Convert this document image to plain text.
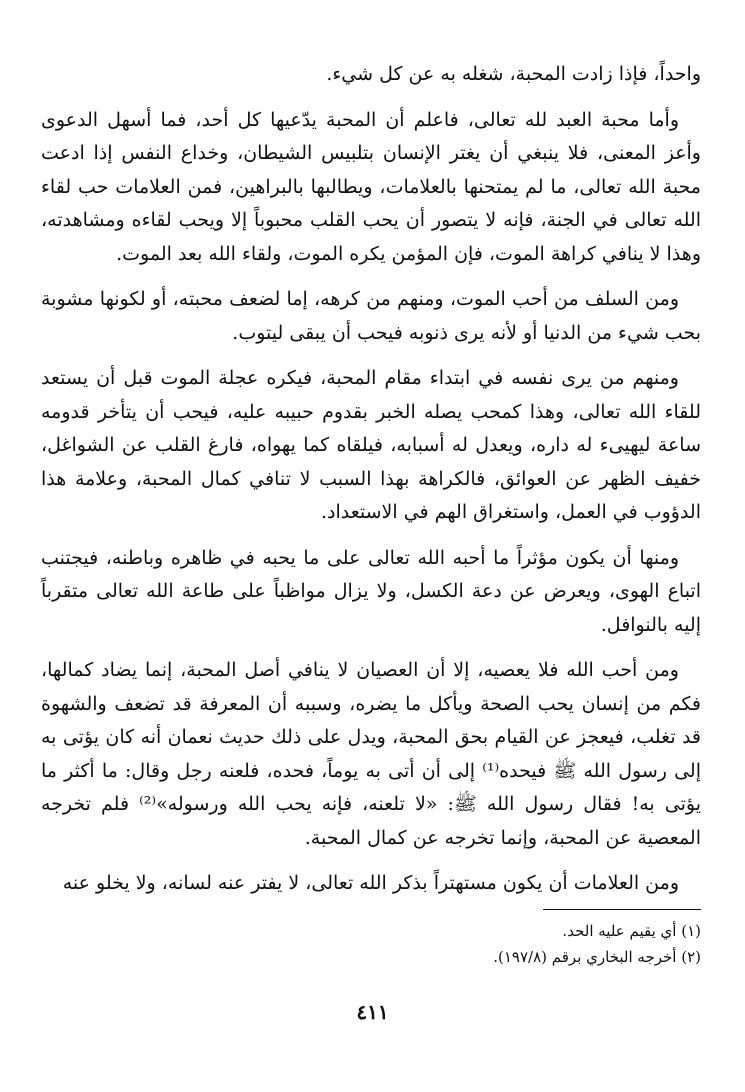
واحداً، فإذا زادت المحبة، شغله به عن كل شيء.

وأما محبة العبد لله تعالى، فاعلم أن المحبة يدّعيها كل أحد، فما أسهل الدعوى وأعز المعنى، فلا ينبغي أن يغتر الإنسان بتلبيس الشيطان، وخداع النفس إذا ادعت محبة الله تعالى، ما لم يمتحنها بالعلامات، ويطالبها بالبراهين، فمن العلامات حب لقاء الله تعالى في الجنة، فإنه لا يتصور أن يحب القلب محبوباً إلا ويحب لقاءه ومشاهدته، وهذا لا ينافي كراهة الموت، فإن المؤمن يكره الموت، ولقاء الله بعد الموت.

ومن السلف من أحب الموت، ومنهم من كرهه، إما لضعف محبته، أو لكونها مشوبة بحب شيء من الدنيا أو لأنه يرى ذنوبه فيحب أن يبقى ليتوب.

ومنهم من يرى نفسه في ابتداء مقام المحبة، فيكره عجلة الموت قبل أن يستعد للقاء الله تعالى، وهذا كمحب يصله الخبر بقدوم حبيبه عليه، فيحب أن يتأخر قدومه ساعة ليهيىء له داره، ويعدل له أسبابه، فيلقاه كما يهواه، فارغ القلب عن الشواغل، خفيف الظهر عن العوائق، فالكراهة بهذا السبب لا تنافي كمال المحبة، وعلامة هذا الدؤوب في العمل، واستغراق الهم في الاستعداد.

ومنها أن يكون مؤثراً ما أحبه الله تعالى على ما يحبه في ظاهره وباطنه، فيجتنب اتباع الهوى، ويعرض عن دعة الكسل، ولا يزال مواظباً على طاعة الله تعالى متقرباً إليه بالنوافل.

ومن أحب الله فلا يعصيه، إلا أن العصيان لا ينافي أصل المحبة، إنما يضاد كمالها، فكم من إنسان يحب الصحة ويأكل ما يضره، وسببه أن المعرفة قد تضعف والشهوة قد تغلب، فيعجز عن القيام بحق المحبة، ويدل على ذلك حديث نعمان أنه كان يؤتى به إلى رسول الله ﷺ فيحده⁽¹⁾ إلى أن أتى به يوماً، فحده، فلعنه رجل وقال: ما أكثر ما يؤتى به! فقال رسول الله ﷺ: «لا تلعنه، فإنه يحب الله ورسوله»⁽²⁾ فلم تخرجه المعصية عن المحبة، وإنما تخرجه عن كمال المحبة.

ومن العلامات أن يكون مستهتراً بذكر الله تعالى، لا يفتر عنه لسانه، ولا يخلو عنه

(١) أي يقيم عليه الحد.
(٢) أخرجه البخاري برقم (١٩٧/٨).
٤١١
